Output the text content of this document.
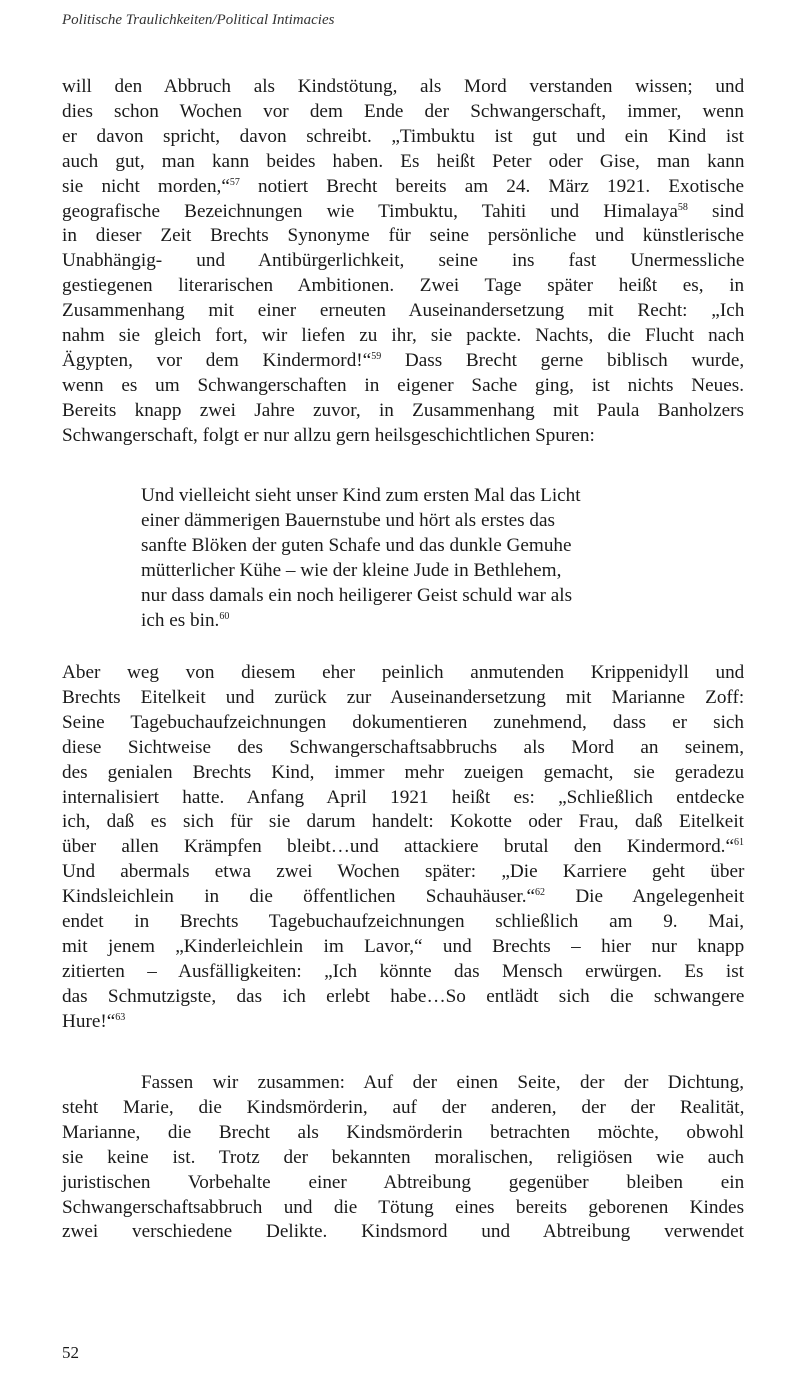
Politische Traulichkeiten/Political Intimacies
will den Abbruch als Kindstötung, als Mord verstanden wissen; und
dies schon Wochen vor dem Ende der Schwangerschaft, immer, wenn
er davon spricht, davon schreibt. „Timbuktu ist gut und ein Kind ist
auch gut, man kann beides haben. Es heißt Peter oder Gise, man kann
sie nicht morden,“$^{57}$ notiert Brecht bereits am 24. März 1921. Exotische
geografische Bezeichnungen wie Timbuktu, Tahiti und Himalaya$^{58}$ sind
in dieser Zeit Brechts Synonyme für seine persönliche und künstlerische
Unabhängig- und Antibürgerlichkeit, seine ins fast Unermessliche
gestiegenen literarischen Ambitionen. Zwei Tage später heißt es, in
Zusammenhang mit einer erneuten Auseinandersetzung mit Recht: „Ich
nahm sie gleich fort, wir liefen zu ihr, sie packte. Nachts, die Flucht nach
Ägypten, vor dem Kindermord!“$^{59}$ Dass Brecht gerne biblisch wurde,
wenn es um Schwangerschaften in eigener Sache ging, ist nichts Neues.
Bereits knapp zwei Jahre zuvor, in Zusammenhang mit Paula Banholzers
Schwangerschaft, folgt er nur allzu gern heilsgeschichtlichen Spuren:
Und vielleicht sieht unser Kind zum ersten Mal das Licht
einer dämmerigen Bauernstube und hört als erstes das
sanfte Blöken der guten Schafe und das dunkle Gemuhe
mütterlicher Kühe – wie der kleine Jude in Bethlehem,
nur dass damals ein noch heiligerer Geist schuld war als
ich es bin.$^{60}$
Aber weg von diesem eher peinlich anmutenden Krippenidyll und
Brechts Eitelkeit und zurück zur Auseinandersetzung mit Marianne Zoff:
Seine Tagebuchaufzeichnungen dokumentieren zunehmend, dass er sich
diese Sichtweise des Schwangerschaftsabbruchs als Mord an seinem,
des genialen Brechts Kind, immer mehr zueigen gemacht, sie geradezu
internalisiert hatte. Anfang April 1921 heißt es: „Schließlich entdecke
ich, daß es sich für sie darum handelt: Kokotte oder Frau, daß Eitelkeit
über allen Krämpfen bleibt…und attackiere brutal den Kindermord.“$^{61}$
Und abermals etwa zwei Wochen später: „Die Karriere geht über
Kindsleichlein in die öffentlichen Schauhäuser.“$^{62}$ Die Angelegenheit
endet in Brechts Tagebuchaufzeichnungen schließlich am 9. Mai,
mit jenem „Kinderleichlein im Lavor,“ und Brechts – hier nur knapp
zitierten – Ausfälligkeiten: „Ich könnte das Mensch erwürgen. Es ist
das Schmutzigste, das ich erlebt habe…So entlädt sich die schwangere
Hure!“$^{63}$
Fassen wir zusammen: Auf der einen Seite, der der Dichtung,
steht Marie, die Kindsmörderin, auf der anderen, der der Realität,
Marianne, die Brecht als Kindsmörderin betrachten möchte, obwohl
sie keine ist. Trotz der bekannten moralischen, religiösen wie auch
juristischen Vorbehalte einer Abtreibung gegenüber bleiben ein
Schwangerschaftsabbruch und die Tötung eines bereits geborenen Kindes
zwei verschiedene Delikte. Kindsmord und Abtreibung verwendet
52
